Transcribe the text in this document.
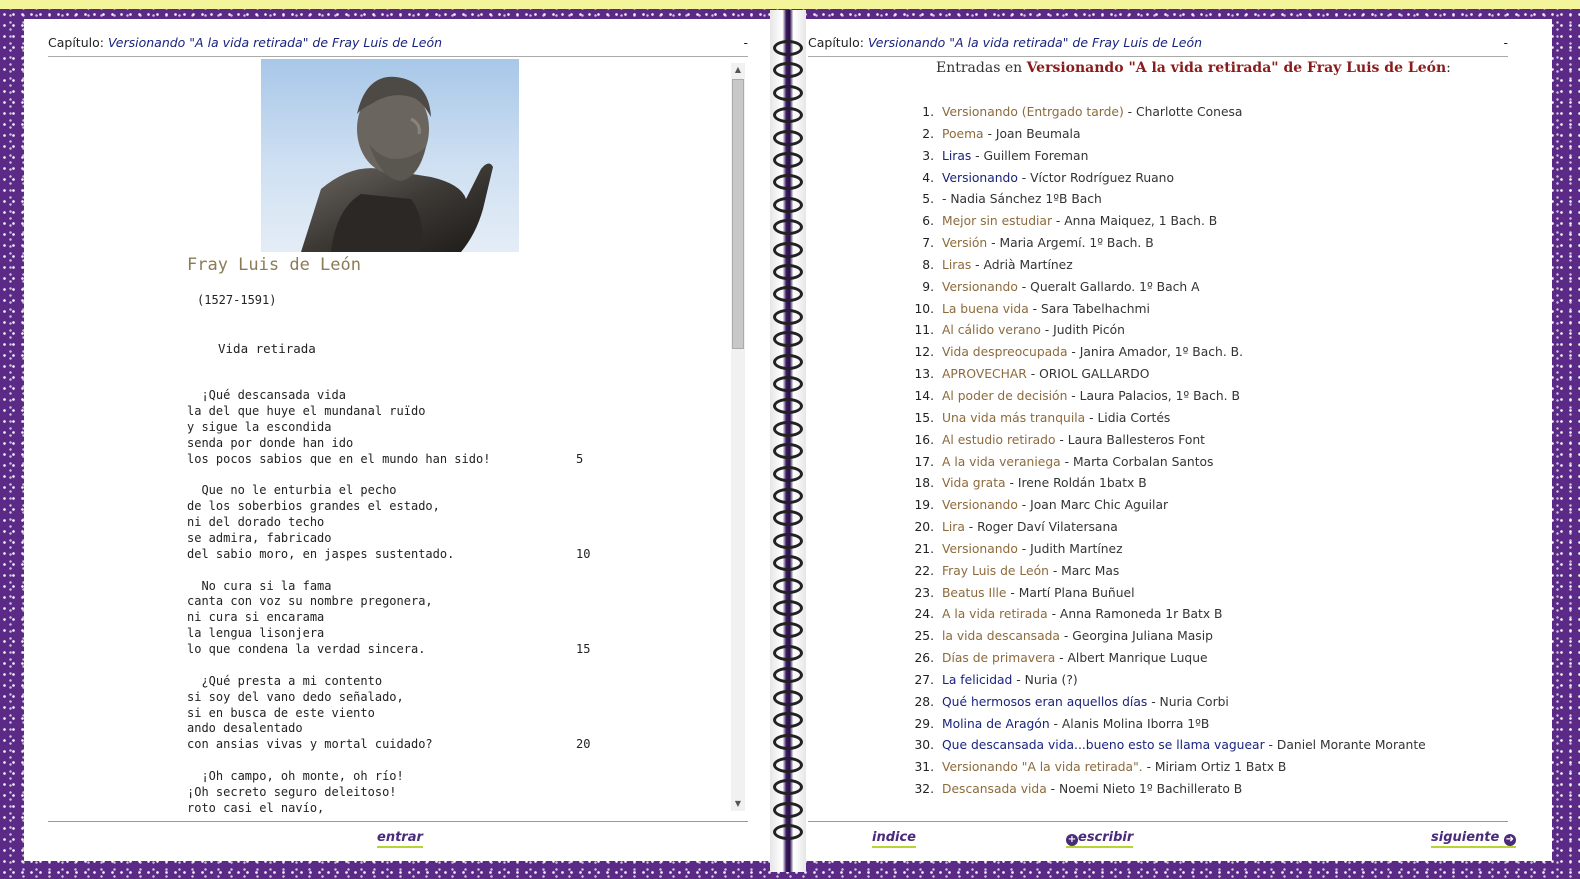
Capítulo: Versionando "A la vida retirada" de Fray Luis de León	-
Fray Luis de León
(1527-1591)
Vida retirada
¡Qué descansada vida
la del que huye el mundanal ruïdo
y sigue la escondida
senda por donde han ido
los pocos sabios que en el mundo han sido!	5
Que no le enturbia el pecho
de los soberbios grandes el estado,
ni del dorado techo
se admira, fabricado
del sabio moro, en jaspes sustentado.	10
No cura si la fama
canta con voz su nombre pregonera,
ni cura si encarama
la lengua lisonjera
lo que condena la verdad sincera.	15
¿Qué presta a mi contento
si soy del vano dedo señalado,
si en busca de este viento
ando desalentado
con ansias vivas y mortal cuidado?	20
¡Oh campo, oh monte, oh río!
¡Oh secreto seguro deleitoso!
roto casi el navío,
▲
▼
entrar
Capítulo: Versionando "A la vida retirada" de Fray Luis de León	-
Entradas en Versionando "A la vida retirada" de Fray Luis de León:
1. Versionando (Entrgado tarde) - Charlotte Conesa
2. Poema - Joan Beumala
3. Liras - Guillem Foreman
4. Versionando - Víctor Rodríguez Ruano
5. - Nadia Sánchez 1ºB Bach
6. Mejor sin estudiar - Anna Maiquez, 1 Bach. B
7. Versión - Maria Argemí. 1º Bach. B
8. Liras - Adrià Martínez
9. Versionando - Queralt Gallardo. 1º Bach A
10. La buena vida - Sara Tabelhachmi
11. Al cálido verano - Judith Picón
12. Vida despreocupada - Janira Amador, 1º Bach. B.
13. APROVECHAR - ORIOL GALLARDO
14. Al poder de decisión - Laura Palacios, 1º Bach. B
15. Una vida más tranquila - Lidia Cortés
16. Al estudio retirado - Laura Ballesteros Font
17. A la vida veraniega - Marta Corbalan Santos
18. Vida grata - Irene Roldán 1batx B
19. Versionando - Joan Marc Chic Aguilar
20. Lira - Roger Daví Vilatersana
21. Versionando - Judith Martínez
22. Fray Luis de León - Marc Mas
23. Beatus Ille - Martí Plana Buñuel
24. A la vida retirada - Anna Ramoneda 1r Batx B
25. la vida descansada - Georgina Juliana Masip
26. Días de primavera - Albert Manrique Luque
27. La felicidad - Nuria (?)
28. Qué hermosos eran aquellos días - Nuria Corbi
29. Molina de Aragón - Alanis Molina Iborra 1ºB
30. Que descansada vida...bueno esto se llama vaguear - Daniel Morante Morante
31. Versionando "A la vida retirada". - Miriam Ortiz 1 Batx B
32. Descansada vida - Noemi Nieto 1º Bachillerato B
indice	+ escribir	siguiente ➜
